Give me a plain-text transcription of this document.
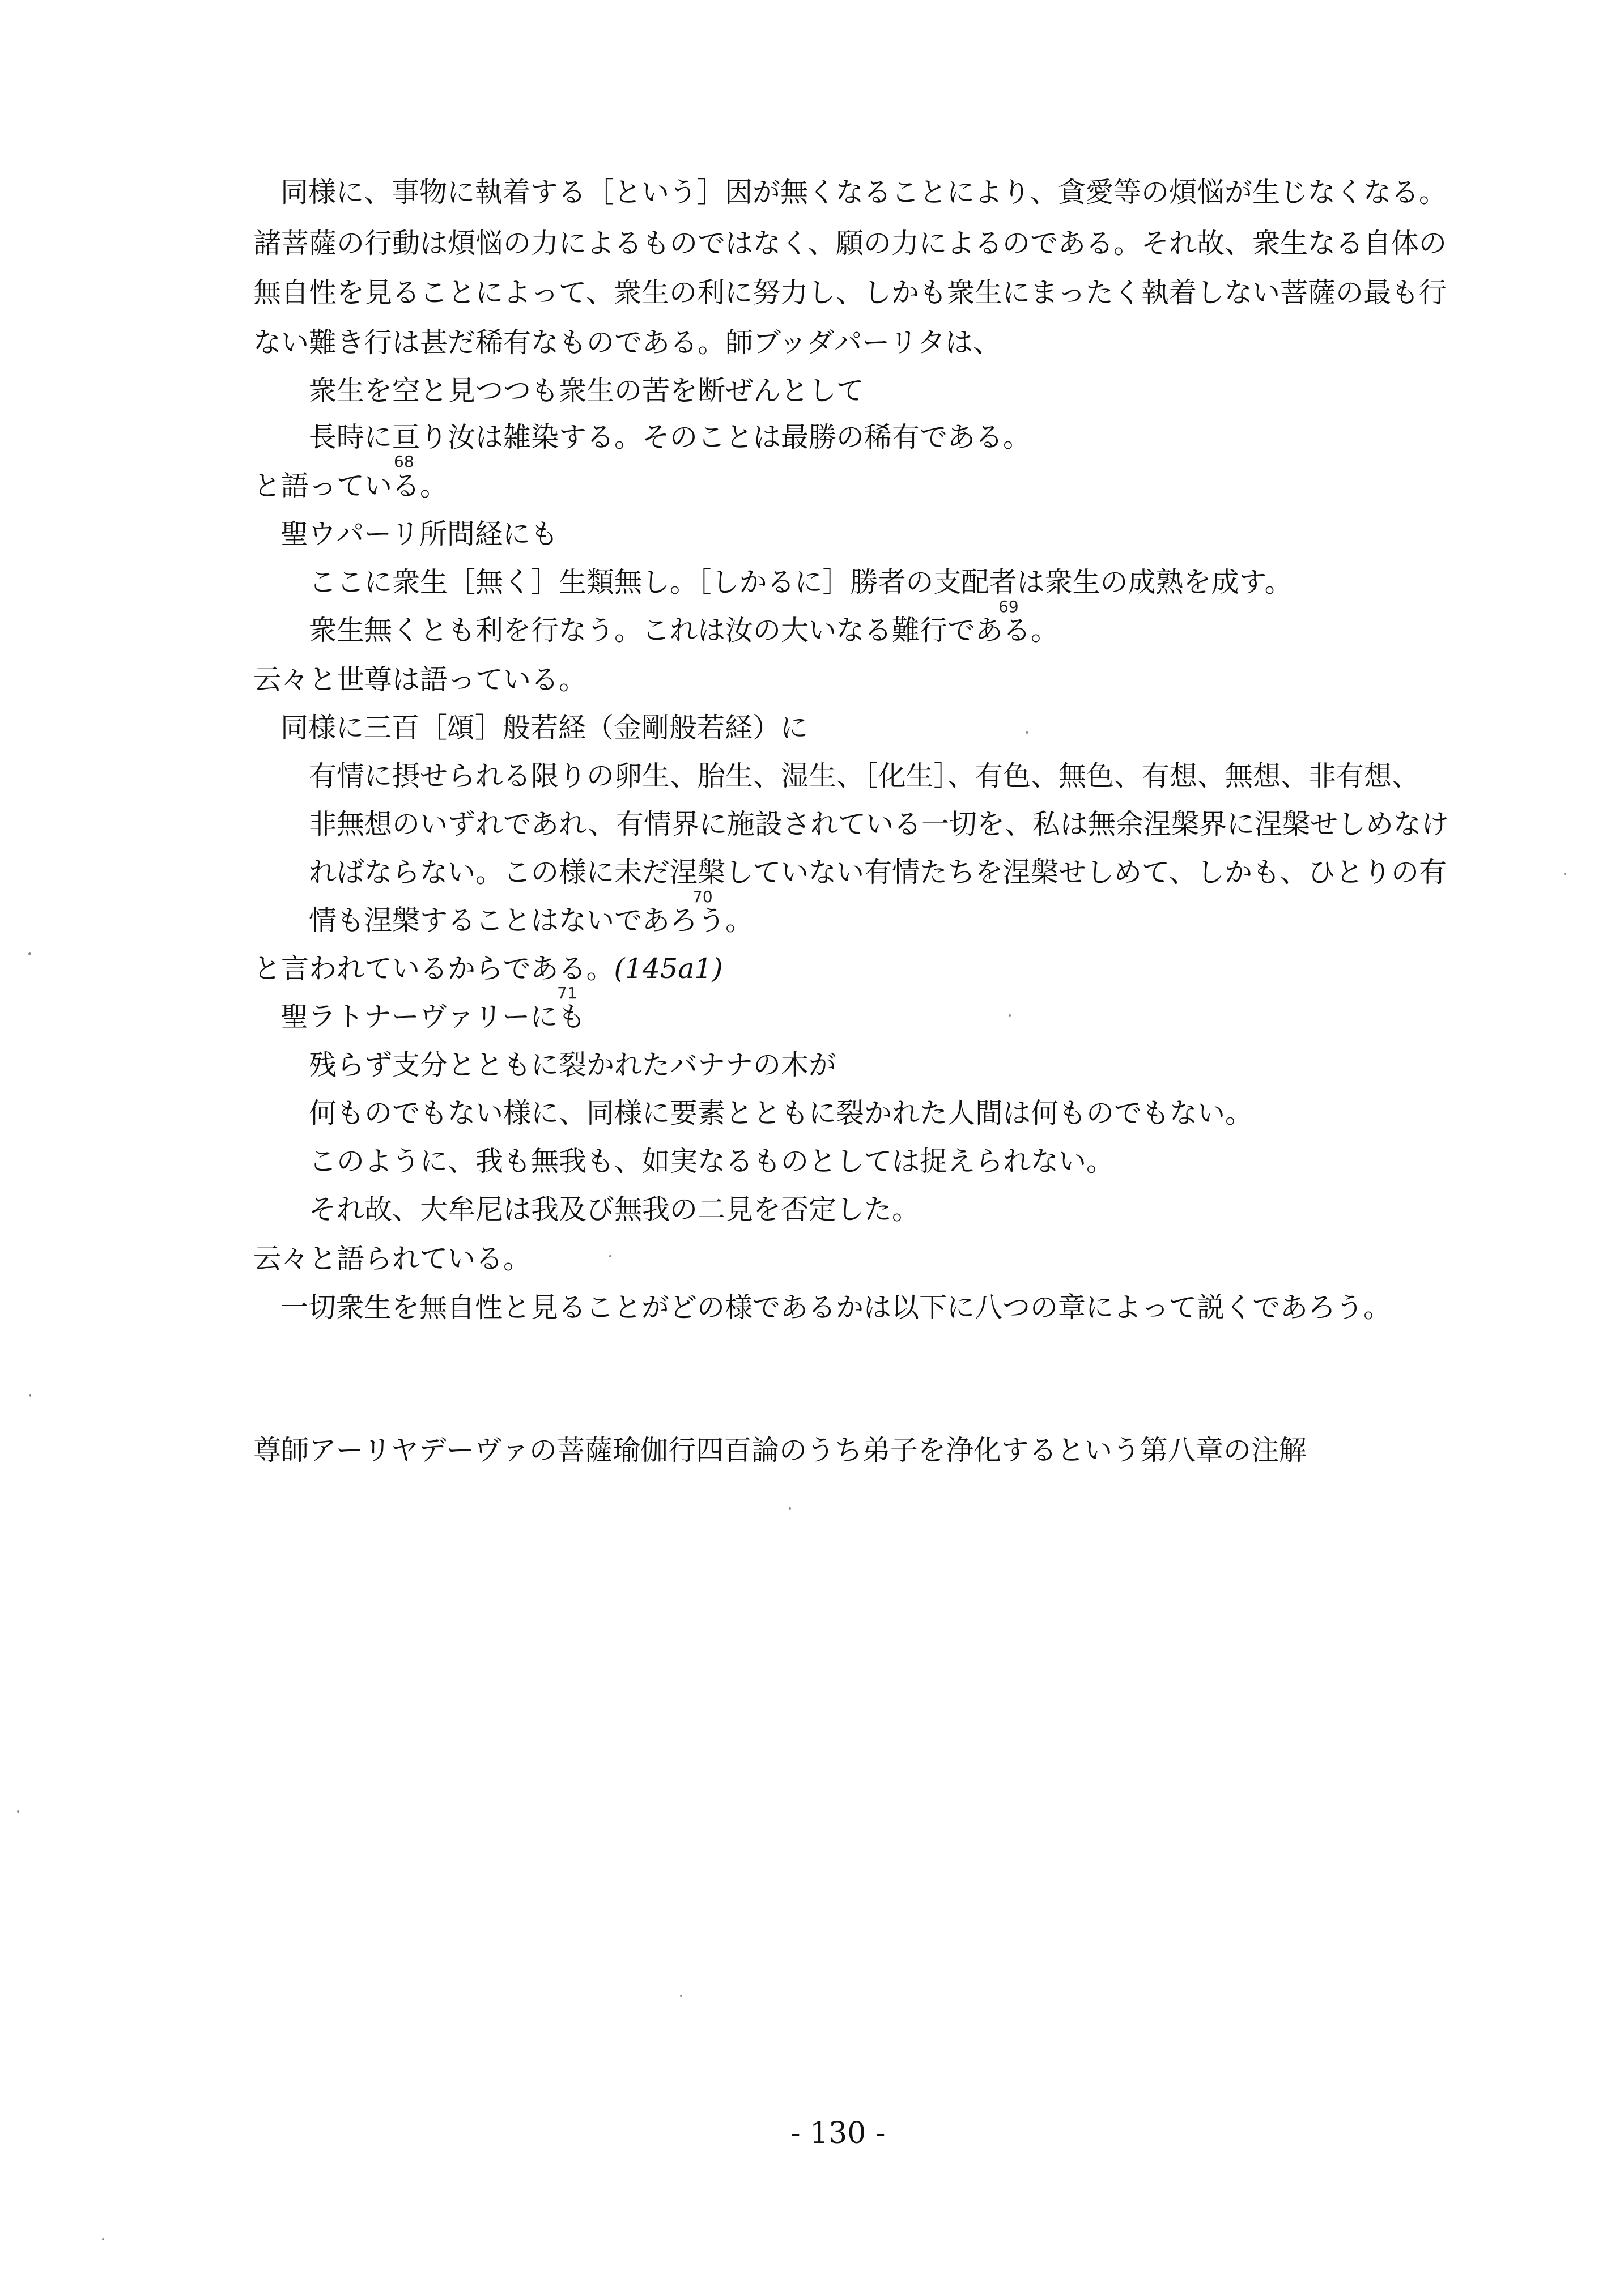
同様に、事物に執着する［という］因が無くなることにより、貪愛等の煩悩が生じなくなる。
諸菩薩の行動は煩悩の力によるものではなく、願の力によるのである。それ故、衆生なる自体の
無自性を見ることによって、衆生の利に努力し、しかも衆生にまったく執着しない菩薩の最も行
ない難き行は甚だ稀有なものである。師ブッダパーリタは、
衆生を空と見つつも衆生の苦を断ぜんとして
長時に亘り汝は雑染する。そのことは最勝の稀有である。
68
と語っている。
聖ウパーリ所問経にも
ここに衆生［無く］生類無し。［しかるに］勝者の支配者は衆生の成熟を成す。
69
衆生無くとも利を行なう。これは汝の大いなる難行である。
云々と世尊は語っている。
同様に三百［頌］般若経（金剛般若経）に
有情に摂せられる限りの卵生、胎生、湿生、［化生］、有色、無色、有想、無想、非有想、
非無想のいずれであれ、有情界に施設されている一切を、私は無余涅槃界に涅槃せしめなけ
ればならない。この様に未だ涅槃していない有情たちを涅槃せしめて、しかも、ひとりの有
70
情も涅槃することはないであろう。
と言われているからである。(145a1)
71
聖ラトナーヴァリーにも
残らず支分とともに裂かれたバナナの木が
何ものでもない様に、同様に要素とともに裂かれた人間は何ものでもない。
このように、我も無我も、如実なるものとしては捉えられない。
それ故、大牟尼は我及び無我の二見を否定した。
云々と語られている。
一切衆生を無自性と見ることがどの様であるかは以下に八つの章によって説くであろう。
尊師アーリヤデーヴァの菩薩瑜伽行四百論のうち弟子を浄化するという第八章の注解
- 130 -
